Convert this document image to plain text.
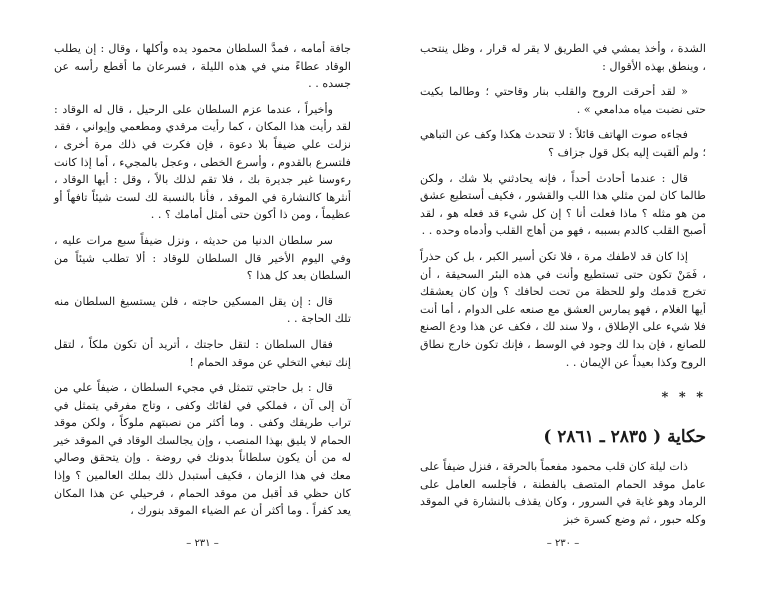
جافة أمامه ، فمدَّ السلطان محمود يده وأكلها ، وقال : إن يطلب الوقاد عطاءً مني في هذه الليلة ، فسرعان ما أقطع رأسه عن جسده . .

وأخيراً ، عندما عزم السلطان على الرحيل ، قال له الوقاد : لقد رأيت هذا المكان ، كما رأيت مرقدي ومطعمي وإيواني ، فقد نزلت علي ضيفاً بلا دعوة ، فإن فكرت في ذلك مرة أخرى ، فلتسرع بالقدوم ، وأسرع الخطى ، وعجل بالمجيء ، أما إذا كانت رءوسنا غير جديرة بك ، فلا تقم لذلك بالاً ، وقل : أيها الوقاد ، أنثرها كالنشارة في الموقد ، فأنا بالنسبة لك لست شيئاً تافهاً أو عظيماً ، ومن ذا أكون حتى أمثل أمامك ؟ . .

سر سلطان الدنيا من حديثه ، ونزل ضيفاً سبع مرات عليه ، وفي اليوم الأخير قال السلطان للوقاد : ألا تطلب شيئاً من السلطان بعد كل هذا ؟

قال : إن يقل المسكين حاجته ، فلن يستسيغ السلطان منه تلك الحاجة . .

فقال السلطان : لتقل حاجتك ، أتريد أن تكون ملكاً ، لتقل إنك تبغي التخلي عن موقد الحمام !

قال : بل حاجتي تتمثل في مجيء السلطان ، ضيفاً علي من آن إلى آن ، فملكي في لقائك وكفى ، وتاج مفرقي يتمثل في تراب طريقك وكفى . وما أكثر من نصبتهم ملوكاً ، ولكن موقد الحمام لا يليق بهذا المنصب ، وإن يجالسك الوقاد في الموقد خير له من أن يكون سلطاناً بدونك في روضة . وإن يتحقق وصالي معك في هذا الزمان ، فكيف أستبدل ذلك بملك العالمين ؟ وإذا كان حظي قد أقبل من موقد الحمام ، فرحيلي عن هذا المكان يعد كفراً . وما أكثر أن عم الضياء الموقد بنورك ،

– ٢٣١ –

الشدة ، وأخذ يمشي في الطريق لا يقر له قرار ، وظل ينتحب ، وينطق بهذه الأقوال :

« لقد أحرقت الروح والقلب بنار وقاحتي ؛ وطالما بكيت حتى نضبت مياه مدامعي » .

فجاءه صوت الهاتف قائلاً : لا تتحدث هكذا وكف عن التباهي ؛ ولم ألقيت إليه بكل قول جزاف ؟

قال : عندما أحادث أحداً ، فإنه يحادثني بلا شك ، ولكن طالما كان لمن مثلي هذا اللب والقشور ، فكيف أستطيع عشق من هو مثله ؟ ماذا فعلت أنا ؟ إن كل شيء قد فعله هو ، لقد أصبح القلب كالدم بسببه ، فهو من أهاج القلب وأدماه وحده . .

إذا كان قد لاطفك مرة ، فلا تكن أسير الكبر ، بل كن حذراً ، فَمَنْ تكون حتى تستطيع وأنت في هذه البئر السحيقة ، أن تخرج قدمك ولو للحظة من تحت لحافك ؟ وإن كان يعشقك أيها الغلام ، فهو يمارس العشق مع صنعه على الدوام ، أما أنت فلا شيء على الإطلاق ، ولا سند لك ، فكف عن هذا ودع الصنع للصانع ، فإن بدا لك وجود في الوسط ، فإنك تكون خارج نطاق الروح وكذا بعيداً عن الإيمان . .

* * *
حكاية ( ٢٨٣٥ ـ ٢٨٦١ )

ذات ليلة كان قلب محمود مفعماً بالحرقة ، فنزل ضيفاً على عامل موقد الحمام المتصف بالفطنة ، فأجلسه العامل على الرماد وهو غاية في السرور ، وكان يقذف بالنشارة في الموقد وكله حبور ، ثم وضع كسرة خبز

– ٢٣٠ –
